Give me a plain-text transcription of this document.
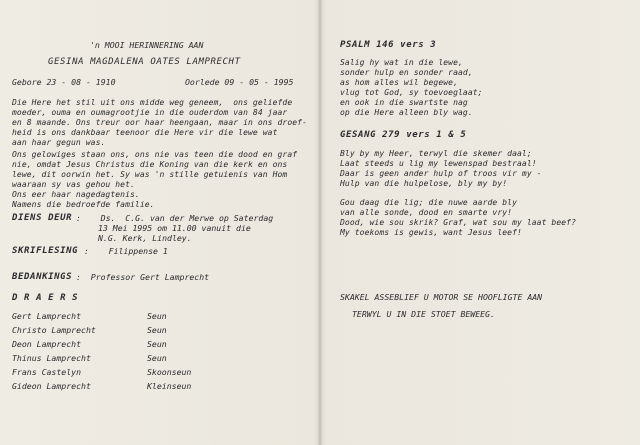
'n MOOI HERINNERING AAN
GESINA MAGDALENA OATES LAMPRECHT
Gebore 23 - 08 - 1910	Oorlede 09 - 05 - 1995
Die Here het stil uit ons midde weg geneem,  ons geliefde
moeder, ouma en oumagrootjie in die ouderdom van 84 jaar
en 8 maande. Ons treur oor haar heengaan, maar in ons droef-
heid is ons dankbaar teenoor die Here vir die lewe wat
aan haar gegun was.
Ons gelowiges staan ons, ons nie vas teen die dood en graf
nie, omdat Jesus Christus die Koning van die kerk en ons
lewe, dit oorwin het. Sy was 'n stille getuienis van Hom
waaraan sy vas gehou het.
Ons eer haar nagedagtenis.
Namens die bedroefde familie.
DIENS DEUR :    Ds.  C.G. van der Merwe op Saterdag
13 Mei 1995 om 11.00 vanuit die
N.G. Kerk, Lindley.
SKRIFLESING :    Filippense 1
BEDANKINGS :  Professor Gert Lamprecht
D R A E R S
Gert Lamprecht	Seun
Christo Lamprecht	Seun
Deon Lamprecht	Seun
Thinus Lamprecht	Seun
Frans Castelyn	Skoonseun
Gideon Lamprecht	Kleinseun
PSALM 146 vers 3
Salig hy wat in die lewe,
sonder hulp en sonder raad,
as hom alles wil begewe,
vlug tot God, sy toevoeglaat;
en ook in die swartste nag
op die Here alleen bly wag.
GESANG 279 vers 1 & 5
Bly by my Heer, terwyl die skemer daal;
Laat steeds u lig my lewenspad bestraal!
Daar is geen ander hulp of troos vir my -
Hulp van die hulpelose, bly my by!
Gou daag die lig; die nuwe aarde bly
van alle sonde, dood en smarte vry!
Dood, wie sou skrik? Graf, wat sou my laat beef?
My toekoms is gewis, want Jesus leef!
SKAKEL ASSEBLIEF U MOTOR SE HOOFLIGTE AAN
TERWYL U IN DIE STOET BEWEEG.
